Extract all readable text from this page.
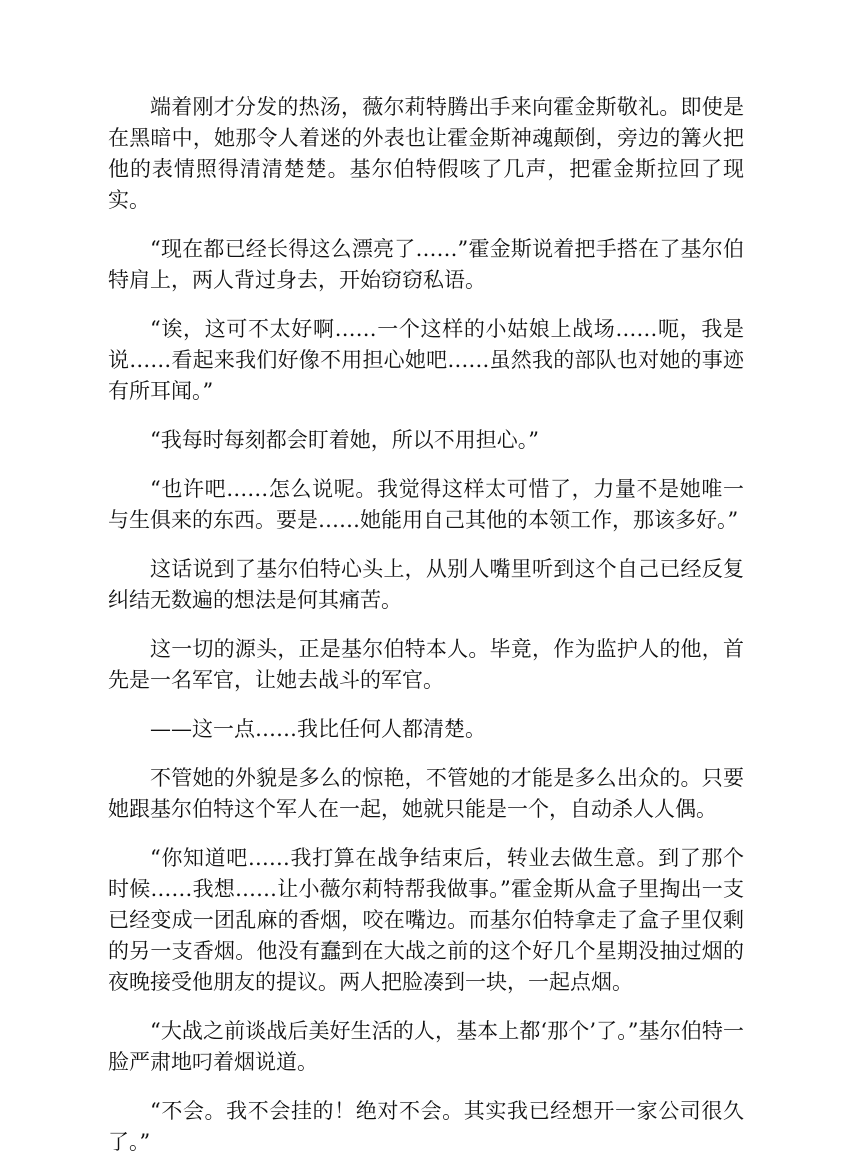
端着刚才分发的热汤，薇尔莉特腾出手来向霍金斯敬礼。即使是在黑暗中，她那令人着迷的外表也让霍金斯神魂颠倒，旁边的篝火把他的表情照得清清楚楚。基尔伯特假咳了几声，把霍金斯拉回了现实。

“现在都已经长得这么漂亮了……”霍金斯说着把手搭在了基尔伯特肩上，两人背过身去，开始窃窃私语。

“诶，这可不太好啊……一个这样的小姑娘上战场……呃，我是说……看起来我们好像不用担心她吧……虽然我的部队也对她的事迹有所耳闻。”

“我每时每刻都会盯着她，所以不用担心。”

“也许吧……怎么说呢。我觉得这样太可惜了，力量不是她唯一与生俱来的东西。要是……她能用自己其他的本领工作，那该多好。”

这话说到了基尔伯特心头上，从别人嘴里听到这个自己已经反复纠结无数遍的想法是何其痛苦。

这一切的源头，正是基尔伯特本人。毕竟，作为监护人的他，首先是一名军官，让她去战斗的军官。

——这一点……我比任何人都清楚。

不管她的外貌是多么的惊艳，不管她的才能是多么出众的。只要她跟基尔伯特这个军人在一起，她就只能是一个，自动杀人人偶。

“你知道吧……我打算在战争结束后，转业去做生意。到了那个时候……我想……让小薇尔莉特帮我做事。”霍金斯从盒子里掏出一支已经变成一团乱麻的香烟，咬在嘴边。而基尔伯特拿走了盒子里仅剩的另一支香烟。他没有蠢到在大战之前的这个好几个星期没抽过烟的夜晚接受他朋友的提议。两人把脸凑到一块，一起点烟。

“大战之前谈战后美好生活的人，基本上都‘那个’了。”基尔伯特一脸严肃地叼着烟说道。

“不会。我不会挂的！绝对不会。其实我已经想开一家公司很久了。”
